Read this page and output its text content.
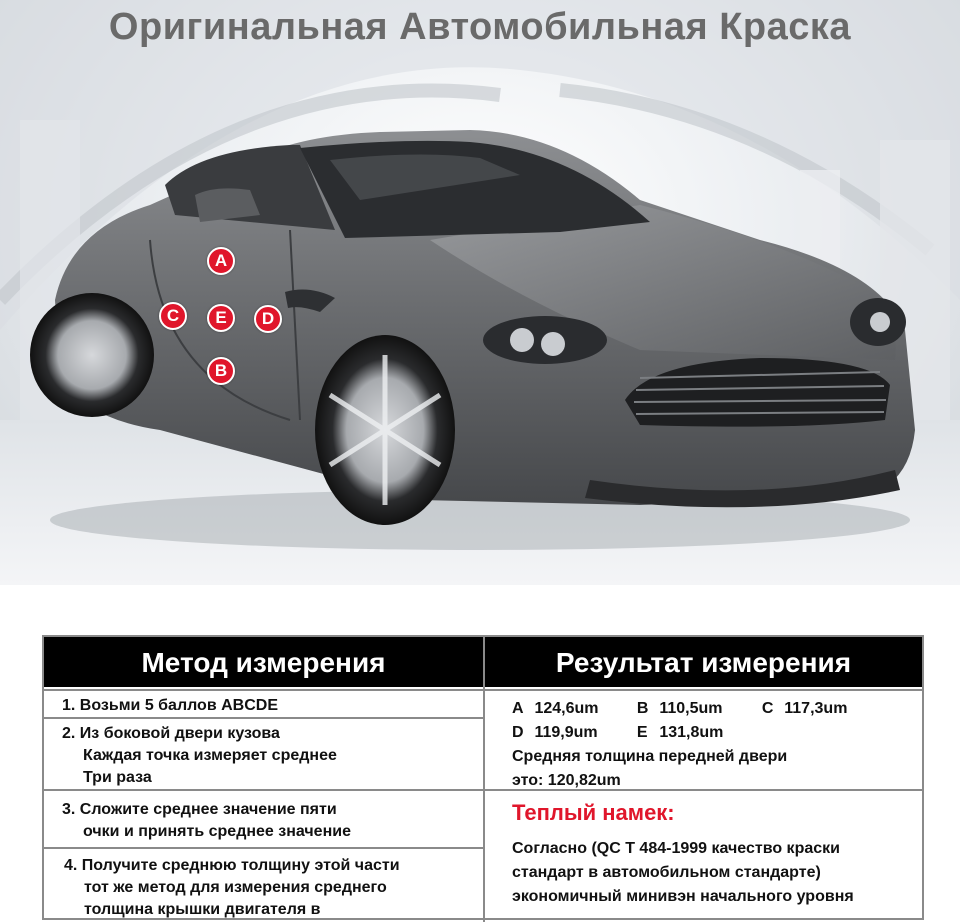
Оригинальная Автомобильная Краска
A
C	E	D
B
Метод измерения
1. Возьми 5 баллов ABCDE
2. Из боковой двери кузова
Каждая точка измеряет среднее
Три раза
3. Сложите среднее значение пяти
очки и принять среднее значение
4. Получите среднюю толщину этой части
тот же метод для измерения среднего
толщина крышки двигателя в
Результат измерения
A 124,6um B 110,5um C 117,3um
D 119,9um E 131,8um
Средняя толщина передней двери
это: 120,82um
Теплый намек:
Согласно (QC T 484-1999 качество краски
стандарт в автомобильном стандарте)
экономичный минивэн начального уровня
